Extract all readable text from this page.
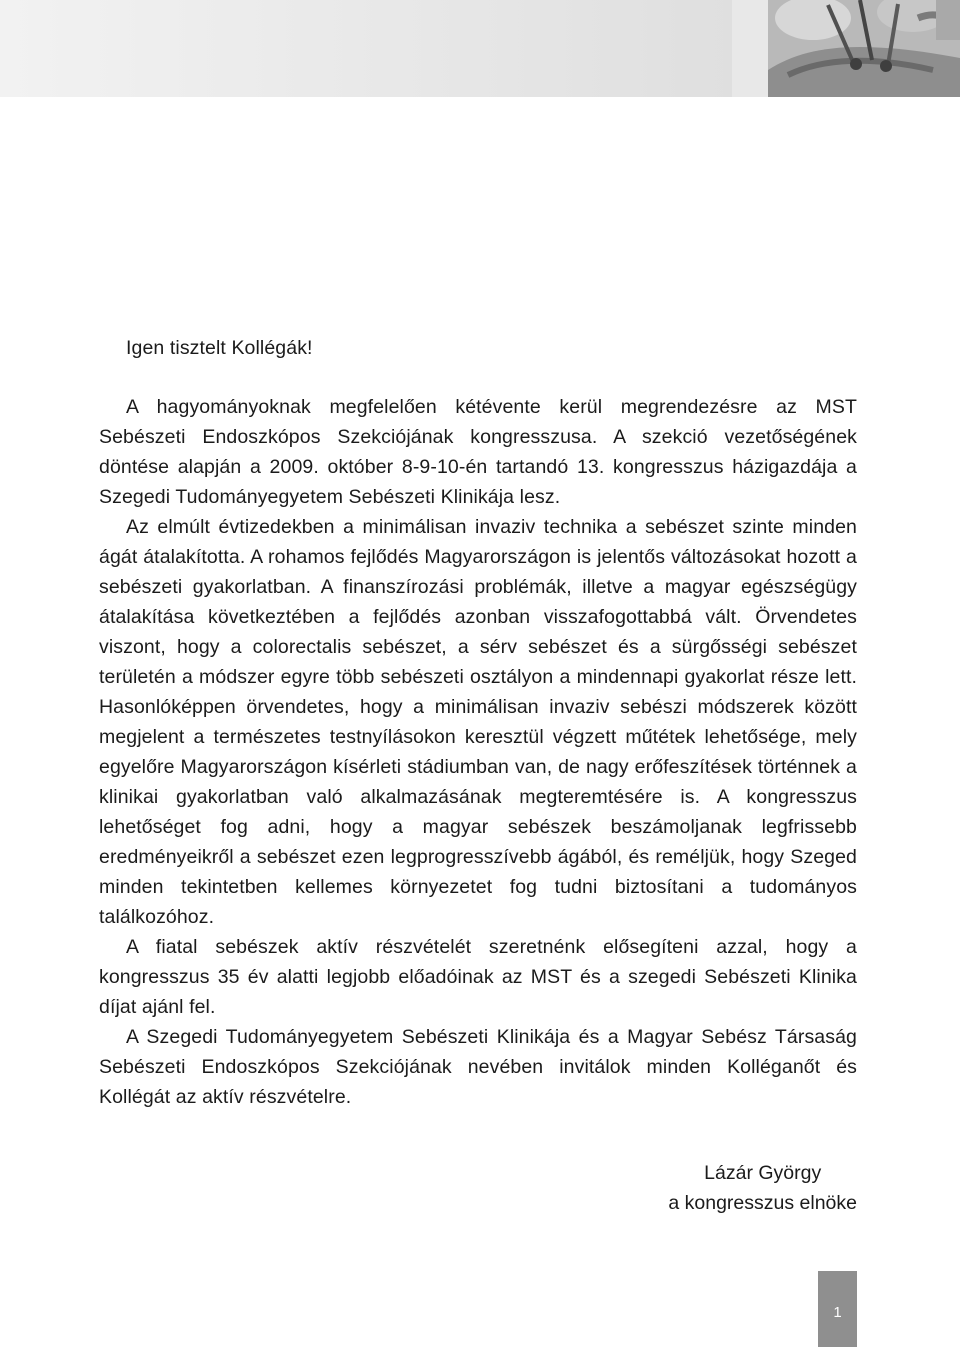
Igen tisztelt Kollégák!

A hagyományoknak megfelelően kétévente kerül megrendezésre az MST Sebészeti Endoszkópos Szekciójának kongresszusa. A szekció vezetőségének döntése alapján a 2009. október 8-9-10-én tartandó 13. kongresszus házigazdája a Szegedi Tudományegyetem Sebészeti Klinikája lesz.

Az elmúlt évtizedekben a minimálisan invaziv technika a sebészet szinte minden ágát átalakította. A rohamos fejlődés Magyarországon is jelentős változásokat hozott a sebészeti gyakorlatban. A finanszírozási problémák, illetve a magyar egészségügy átalakítása következtében a fejlődés azonban visszafogottabbá vált. Örvendetes viszont, hogy a colorectalis sebészet, a sérv sebészet és a sürgősségi sebészet területén a módszer egyre több sebészeti osztályon a mindennapi gyakorlat része lett. Hasonlóképpen örvendetes, hogy a minimálisan invaziv sebészi módszerek között megjelent a természetes testnyílásokon keresztül végzett műtétek lehetősége, mely egyelőre Magyarországon kísérleti stádiumban van, de nagy erőfeszítések történnek a klinikai gyakorlatban való alkalmazásának megteremtésére is. A kongresszus lehetőséget fog adni, hogy a magyar sebészek beszámoljanak legfrissebb eredményeikről a sebészet ezen legprogresszívebb ágából, és reméljük, hogy Szeged minden tekintetben kellemes környezetet fog tudni biztosítani a tudományos találkozóhoz.

A fiatal sebészek aktív részvételét szeretnénk elősegíteni azzal, hogy a kongresszus 35 év alatti legjobb előadóinak az MST és a szegedi Sebészeti Klinika díjat ajánl fel.

A Szegedi Tudományegyetem Sebészeti Klinikája és a Magyar Sebész Társaság Sebészeti Endoszkópos Szekciójának nevében invitálok minden Kolléganőt és Kollégát az aktív részvételre.

Lázár György
a kongresszus elnöke
1
